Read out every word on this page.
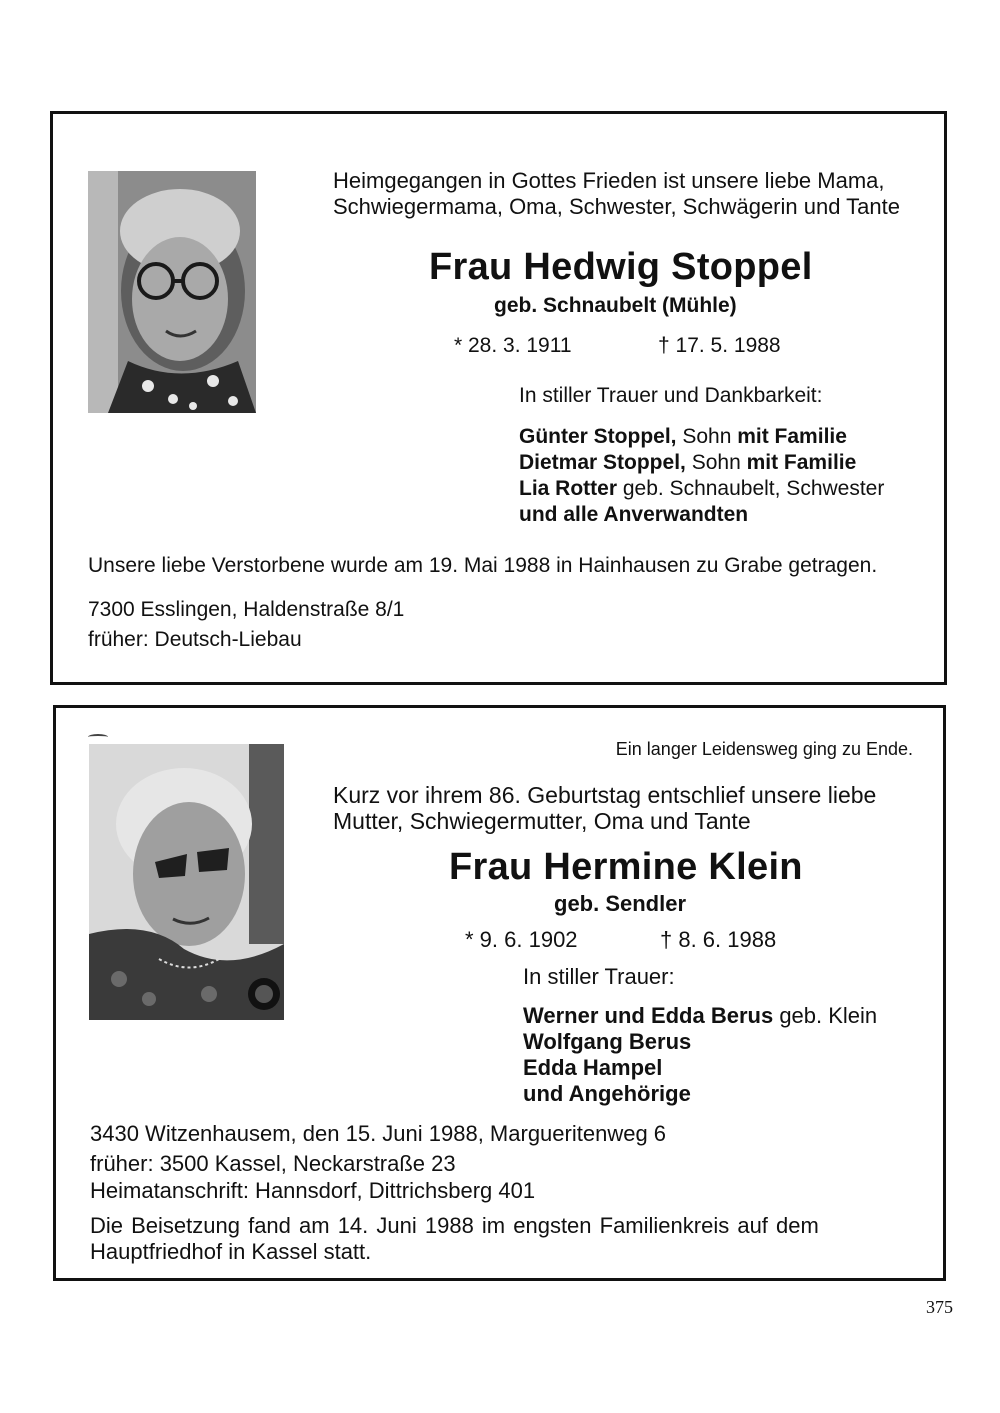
Heimgegangen in Gottes Frieden ist unsere liebe Mama,
Schwiegermama, Oma, Schwester, Schwägerin und Tante
Frau Hedwig Stoppel
geb. Schnaubelt (Mühle)
* 28. 3. 1911	† 17. 5. 1988
In stiller Trauer und Dankbarkeit:
Günter Stoppel, Sohn mit Familie
Dietmar Stoppel, Sohn mit Familie
Lia Rotter geb. Schnaubelt, Schwester
und alle Anverwandten
Unsere liebe Verstorbene wurde am 19. Mai 1988 in Hainhausen zu Grabe getragen.
7300 Esslingen, Haldenstraße 8/1
früher: Deutsch-Liebau
Ein langer Leidensweg ging zu Ende.
Kurz vor ihrem 86. Geburtstag entschlief unsere liebe
Mutter, Schwiegermutter, Oma und Tante
Frau Hermine Klein
geb. Sendler
* 9. 6. 1902	† 8. 6. 1988
In stiller Trauer:
Werner und Edda Berus geb. Klein
Wolfgang Berus
Edda Hampel
und Angehörige
3430 Witzenhausem, den 15. Juni 1988, Margueritenweg 6
früher: 3500 Kassel, Neckarstraße 23
Heimatanschrift: Hannsdorf, Dittrichsberg 401
Die Beisetzung fand am 14. Juni 1988 im engsten Familienkreis auf dem
Hauptfriedhof in Kassel statt.
375
